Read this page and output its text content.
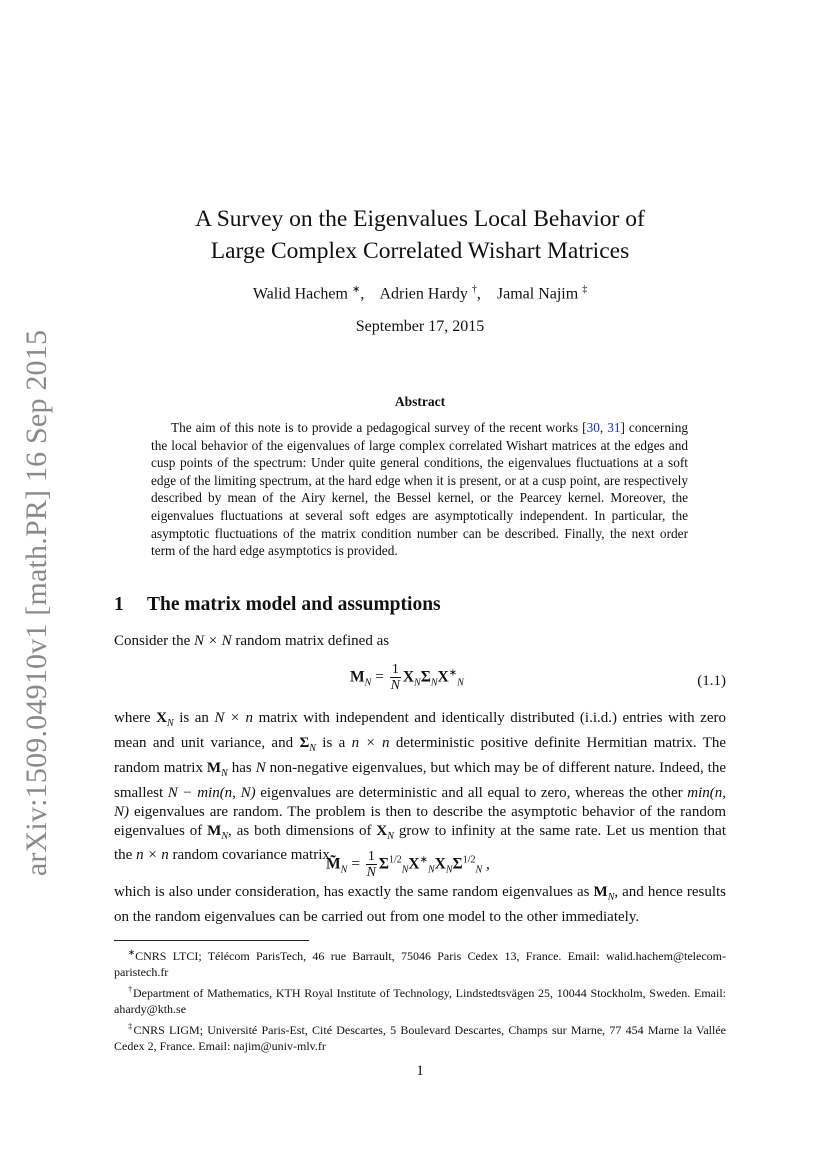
arXiv:1509.04910v1 [math.PR] 16 Sep 2015
A Survey on the Eigenvalues Local Behavior of
Large Complex Correlated Wishart Matrices
Walid Hachem ∗,    Adrien Hardy †,    Jamal Najim ‡
September 17, 2015
Abstract

The aim of this note is to provide a pedagogical survey of the recent works [30, 31] concerning the local behavior of the eigenvalues of large complex correlated Wishart matrices at the edges and cusp points of the spectrum: Under quite general conditions, the eigenvalues fluctuations at a soft edge of the limiting spectrum, at the hard edge when it is present, or at a cusp point, are respectively described by mean of the Airy kernel, the Bessel kernel, or the Pearcey kernel. Moreover, the eigenvalues fluctuations at several soft edges are asymptotically independent. In particular, the asymptotic fluctuations of the matrix condition number can be described. Finally, the next order term of the hard edge asymptotics is provided.

1 The matrix model and assumptions

Consider the N × N random matrix defined as

$M_N = \frac{1}{N} X_N\Sigma_NX^∗_N$	(1.1)

where $X_N$ is an N × n matrix with independent and identically distributed (i.i.d.) entries with zero mean and unit variance, and $\Sigma_N$ is a n × n deterministic positive definite Hermitian matrix. The random matrix $M_N$ has N non-negative eigenvalues, but which may be of different nature. Indeed, the smallest N − min(n, N) eigenvalues are deterministic and all equal to zero, whereas the other min(n, N) eigenvalues are random. The problem is then to describe the asymptotic behavior of the random eigenvalues of $M_N$, as both dimensions of $X_N$ grow to infinity at the same rate. Let us mention that the n × n random covariance matrix

$M̃_N = \frac{1}{N} \Sigma^{1/2}_NX^∗_NX_N\Sigma^{1/2}_N$ ,

which is also under consideration, has exactly the same random eigenvalues as $M_N$, and hence results on the random eigenvalues can be carried out from one model to the other immediately.

∗CNRS LTCI; Télécom ParisTech, 46 rue Barrault, 75046 Paris Cedex 13, France. Email: walid.hachem@telecom-paristech.fr

†Department of Mathematics, KTH Royal Institute of Technology, Lindstedtsvägen 25, 10044 Stockholm, Sweden. Email: ahardy@kth.se

‡CNRS LIGM; Université Paris-Est, Cité Descartes, 5 Boulevard Descartes, Champs sur Marne, 77 454 Marne la Vallée Cedex 2, France. Email: najim@univ-mlv.fr

1
